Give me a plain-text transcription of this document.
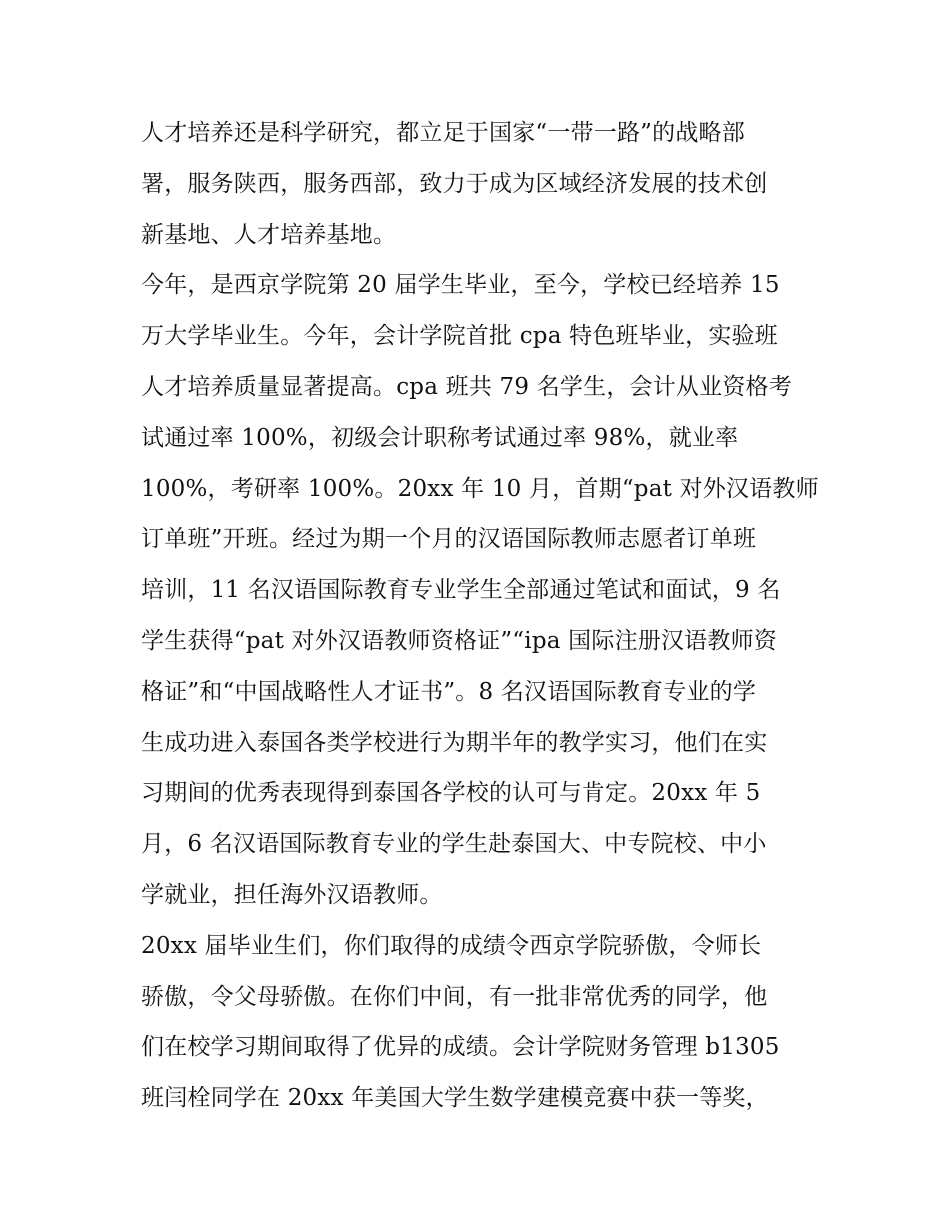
人才培养还是科学研究，都立足于国家“一带一路”的战略部
署，服务陕西，服务西部，致力于成为区域经济发展的技术创
新基地、人才培养基地。
今年，是西京学院第 20 届学生毕业，至今，学校已经培养 15
万大学毕业生。今年，会计学院首批 cpa 特色班毕业，实验班
人才培养质量显著提高。cpa 班共 79 名学生，会计从业资格考
试通过率 100%，初级会计职称考试通过率 98%，就业率
100%，考研率 100%。20xx 年 10 月，首期“pat 对外汉语教师
订单班”开班。经过为期一个月的汉语国际教师志愿者订单班
培训，11 名汉语国际教育专业学生全部通过笔试和面试，9 名
学生获得“pat 对外汉语教师资格证”“ipa 国际注册汉语教师资
格证”和“中国战略性人才证书”。8 名汉语国际教育专业的学
生成功进入泰国各类学校进行为期半年的教学实习，他们在实
习期间的优秀表现得到泰国各学校的认可与肯定。20xx 年 5
月，6 名汉语国际教育专业的学生赴泰国大、中专院校、中小
学就业，担任海外汉语教师。
20xx 届毕业生们，你们取得的成绩令西京学院骄傲，令师长
骄傲，令父母骄傲。在你们中间，有一批非常优秀的同学，他
们在校学习期间取得了优异的成绩。会计学院财务管理 b1305
班闫栓同学在 20xx 年美国大学生数学建模竞赛中获一等奖，
